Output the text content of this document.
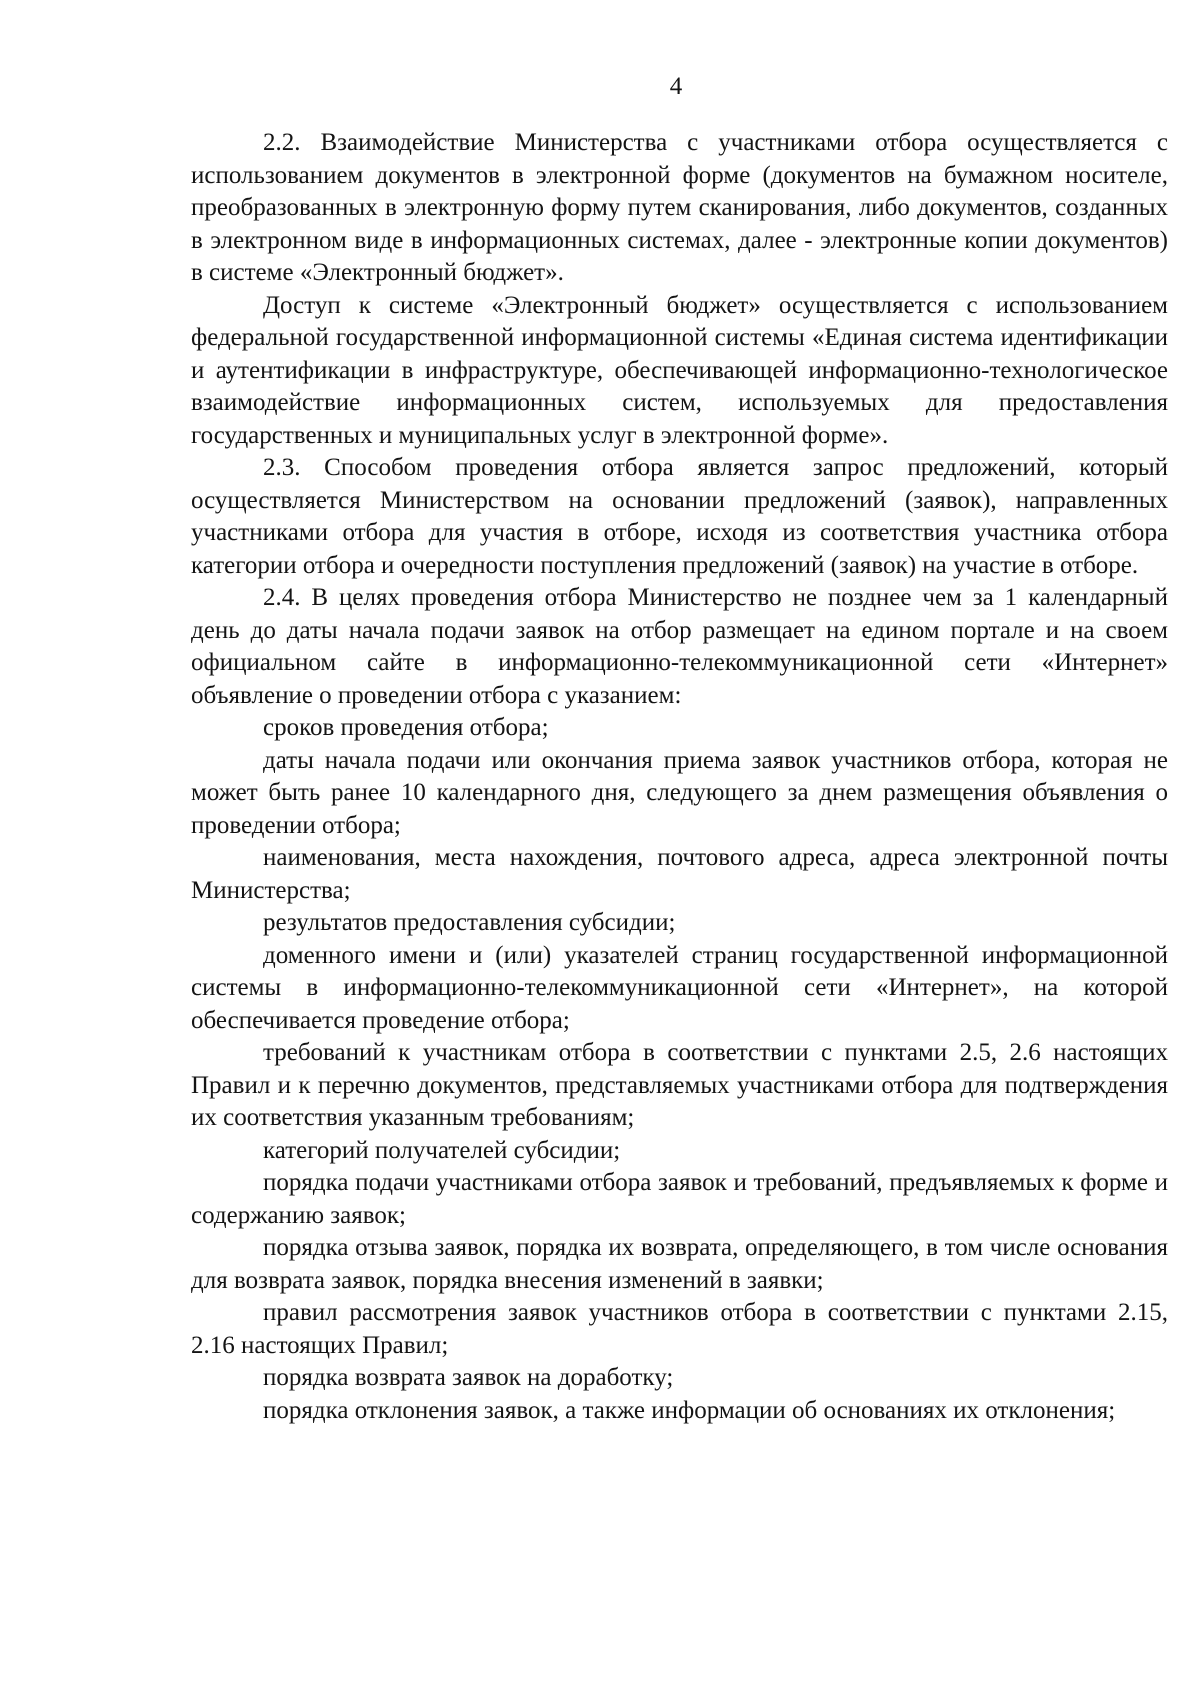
4

2.2. Взаимодействие Министерства с участниками отбора осуществляется с использованием документов в электронной форме (документов на бумажном носителе, преобразованных в электронную форму путем сканирования, либо документов, созданных в электронном виде в информационных системах, далее - электронные копии документов) в системе «Электронный бюджет».

Доступ к системе «Электронный бюджет» осуществляется с использованием федеральной государственной информационной системы «Единая система идентификации и аутентификации в инфраструктуре, обеспечивающей информационно-технологическое взаимодействие информационных систем, используемых для предоставления государственных и муниципальных услуг в электронной форме».

2.3. Способом проведения отбора является запрос предложений, который осуществляется Министерством на основании предложений (заявок), направленных участниками отбора для участия в отборе, исходя из соответствия участника отбора категории отбора и очередности поступления предложений (заявок) на участие в отборе.

2.4. В целях проведения отбора Министерство не позднее чем за 1 календарный день до даты начала подачи заявок на отбор размещает на едином портале и на своем официальном сайте в информационно-телекоммуникационной сети «Интернет» объявление о проведении отбора с указанием:

сроков проведения отбора;

даты начала подачи или окончания приема заявок участников отбора, которая не может быть ранее 10 календарного дня, следующего за днем размещения объявления о проведении отбора;

наименования, места нахождения, почтового адреса, адреса электронной почты Министерства;

результатов предоставления субсидии;

доменного имени и (или) указателей страниц государственной информационной системы в информационно-телекоммуникационной сети «Интернет», на которой обеспечивается проведение отбора;

требований к участникам отбора в соответствии с пунктами 2.5, 2.6 настоящих Правил и к перечню документов, представляемых участниками отбора для подтверждения их соответствия указанным требованиям;

категорий получателей субсидии;

порядка подачи участниками отбора заявок и требований, предъявляемых к форме и содержанию заявок;

порядка отзыва заявок, порядка их возврата, определяющего, в том числе основания для возврата заявок, порядка внесения изменений в заявки;

правил рассмотрения заявок участников отбора в соответствии с пунктами 2.15, 2.16 настоящих Правил;

порядка возврата заявок на доработку;

порядка отклонения заявок, а также информации об основаниях их отклонения;
